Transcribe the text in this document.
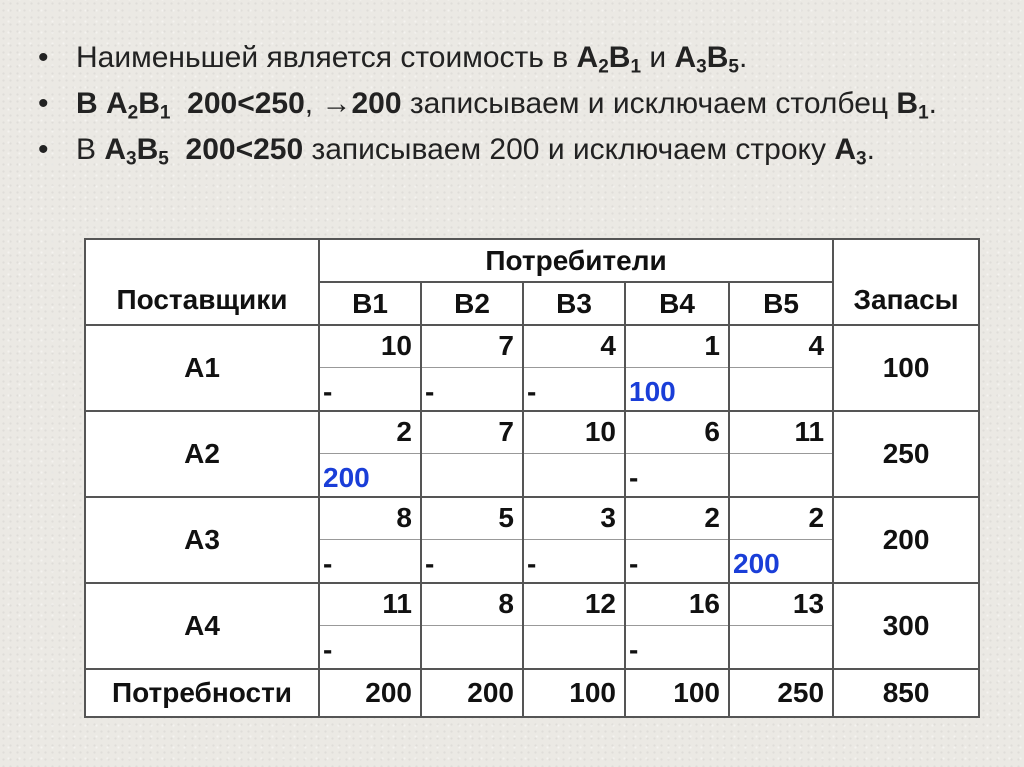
• Наименьшей является стоимость в $A_2B_1$ и $A_3B_5$.
• В $А_2В_1$  200<250, →200 записываем и исключаем столбец $В_1$.
• В $А_3В_5$  200<250 записываем 200 и исключаем строку $А_3$.
Поставщики	Потребители					Запасы
	В1	В2	В3	В4	В5	
А1	10	7	4	1	4	100
	-	-	-	100		
А2	2	7	10	6	11	250
	200			-		
А3	8	5	3	2	2	200
	-	-	-	-	200	
А4	11	8	12	16	13	300
	-			-		
Потребности	200	200	100	100	250	850
